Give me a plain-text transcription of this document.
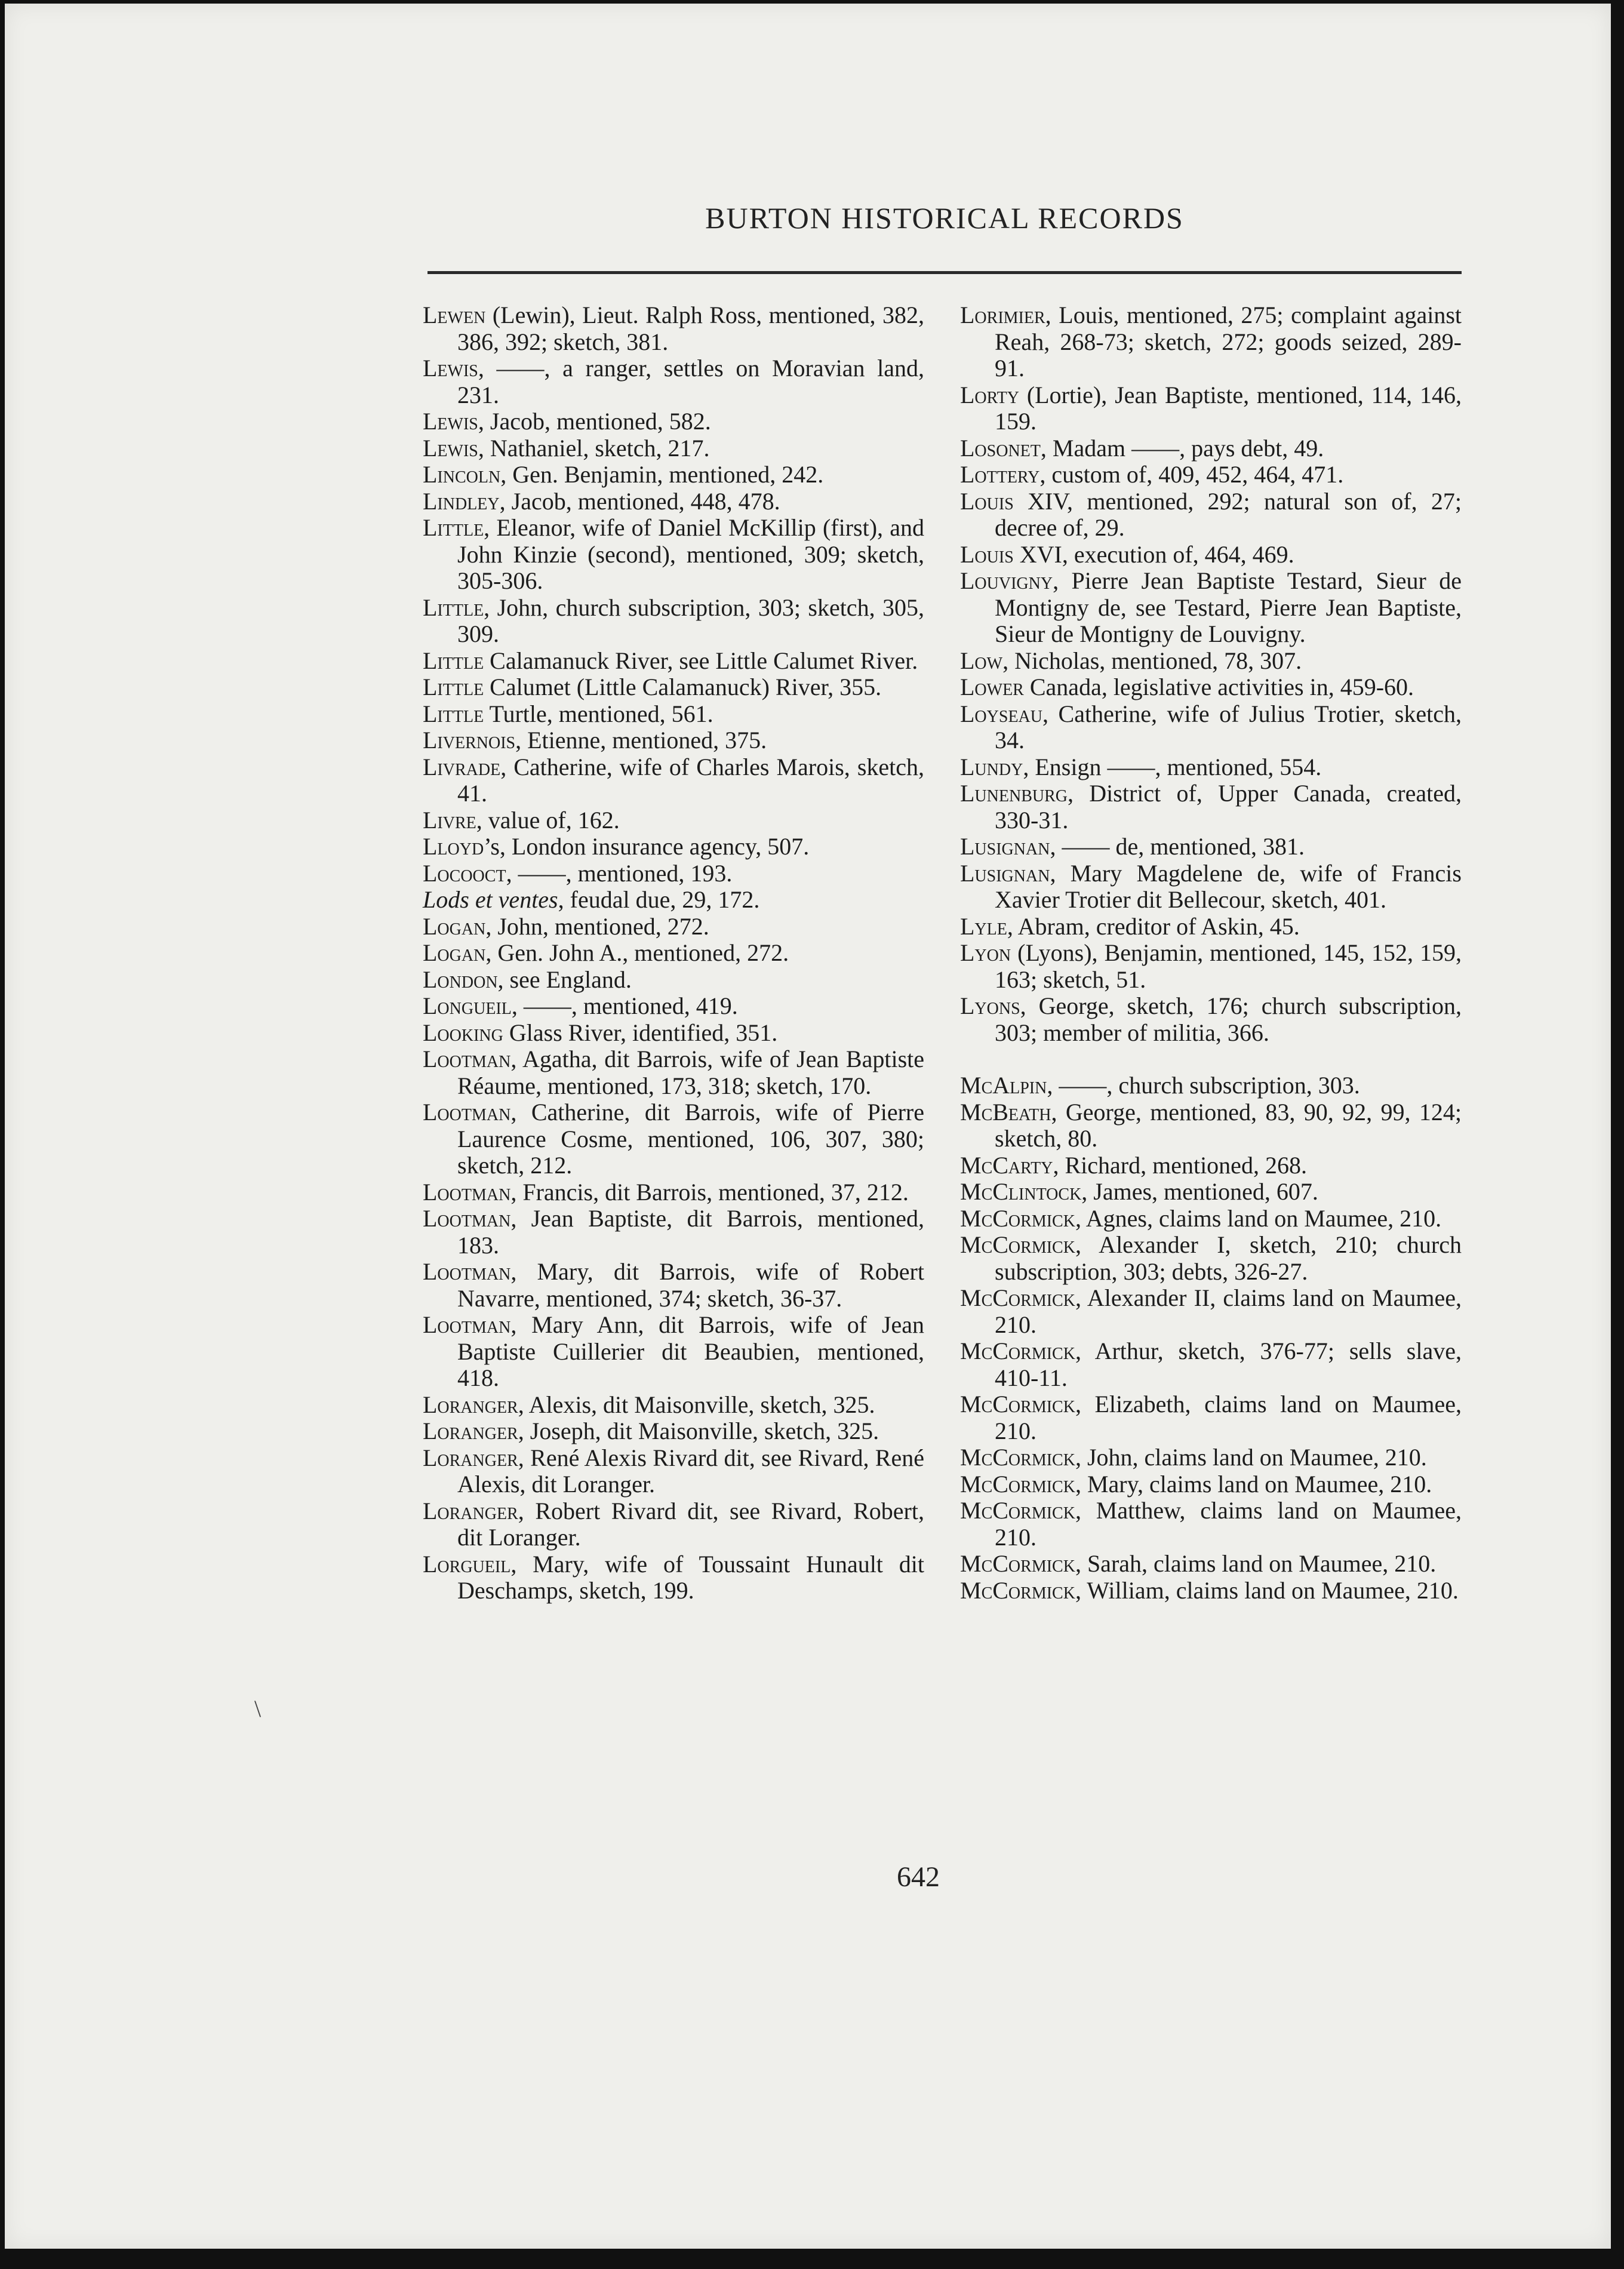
BURTON HISTORICAL RECORDS
Lewen (Lewin), Lieut. Ralph Ross, mentioned, 382, 386, 392; sketch, 381.
Lewis, ——, a ranger, settles on Moravian land, 231.
Lewis, Jacob, mentioned, 582.
Lewis, Nathaniel, sketch, 217.
Lincoln, Gen. Benjamin, mentioned, 242.
Lindley, Jacob, mentioned, 448, 478.
Little, Eleanor, wife of Daniel McKillip (first), and John Kinzie (second), mentioned, 309; sketch, 305-306.
Little, John, church subscription, 303; sketch, 305, 309.
Little Calamanuck River, see Little Calumet River.
Little Calumet (Little Calamanuck) River, 355.
Little Turtle, mentioned, 561.
Livernois, Etienne, mentioned, 375.
Livrade, Catherine, wife of Charles Marois, sketch, 41.
Livre, value of, 162.
Lloyd’s, London insurance agency, 507.
Locooct, ——, mentioned, 193.
Lods et ventes, feudal due, 29, 172.
Logan, John, mentioned, 272.
Logan, Gen. John A., mentioned, 272.
London, see England.
Longueil, ——, mentioned, 419.
Looking Glass River, identified, 351.
Lootman, Agatha, dit Barrois, wife of Jean Baptiste Réaume, mentioned, 173, 318; sketch, 170.
Lootman, Catherine, dit Barrois, wife of Pierre Laurence Cosme, mentioned, 106, 307, 380; sketch, 212.
Lootman, Francis, dit Barrois, mentioned, 37, 212.
Lootman, Jean Baptiste, dit Barrois, mentioned, 183.
Lootman, Mary, dit Barrois, wife of Robert Navarre, mentioned, 374; sketch, 36-37.
Lootman, Mary Ann, dit Barrois, wife of Jean Baptiste Cuillerier dit Beaubien, mentioned, 418.
Loranger, Alexis, dit Maisonville, sketch, 325.
Loranger, Joseph, dit Maisonville, sketch, 325.
Loranger, René Alexis Rivard dit, see Rivard, René Alexis, dit Loranger.
Loranger, Robert Rivard dit, see Rivard, Robert, dit Loranger.
Lorgueil, Mary, wife of Toussaint Hunault dit Deschamps, sketch, 199.
Lorimier, Louis, mentioned, 275; complaint against Reah, 268-73; sketch, 272; goods seized, 289-91.
Lorty (Lortie), Jean Baptiste, mentioned, 114, 146, 159.
Losonet, Madam ——, pays debt, 49.
Lottery, custom of, 409, 452, 464, 471.
Louis XIV, mentioned, 292; natural son of, 27; decree of, 29.
Louis XVI, execution of, 464, 469.
Louvigny, Pierre Jean Baptiste Testard, Sieur de Montigny de, see Testard, Pierre Jean Baptiste, Sieur de Montigny de Louvigny.
Low, Nicholas, mentioned, 78, 307.
Lower Canada, legislative activities in, 459-60.
Loyseau, Catherine, wife of Julius Trotier, sketch, 34.
Lundy, Ensign ——, mentioned, 554.
Lunenburg, District of, Upper Canada, created, 330-31.
Lusignan, —— de, mentioned, 381.
Lusignan, Mary Magdelene de, wife of Francis Xavier Trotier dit Bellecour, sketch, 401.
Lyle, Abram, creditor of Askin, 45.
Lyon (Lyons), Benjamin, mentioned, 145, 152, 159, 163; sketch, 51.
Lyons, George, sketch, 176; church subscription, 303; member of militia, 366.
McAlpin, ——, church subscription, 303.
McBeath, George, mentioned, 83, 90, 92, 99, 124; sketch, 80.
McCarty, Richard, mentioned, 268.
McClintock, James, mentioned, 607.
McCormick, Agnes, claims land on Maumee, 210.
McCormick, Alexander I, sketch, 210; church subscription, 303; debts, 326-27.
McCormick, Alexander II, claims land on Maumee, 210.
McCormick, Arthur, sketch, 376-77; sells slave, 410-11.
McCormick, Elizabeth, claims land on Maumee, 210.
McCormick, John, claims land on Maumee, 210.
McCormick, Mary, claims land on Maumee, 210.
McCormick, Matthew, claims land on Maumee, 210.
McCormick, Sarah, claims land on Maumee, 210.
McCormick, William, claims land on Maumee, 210.
\
642
